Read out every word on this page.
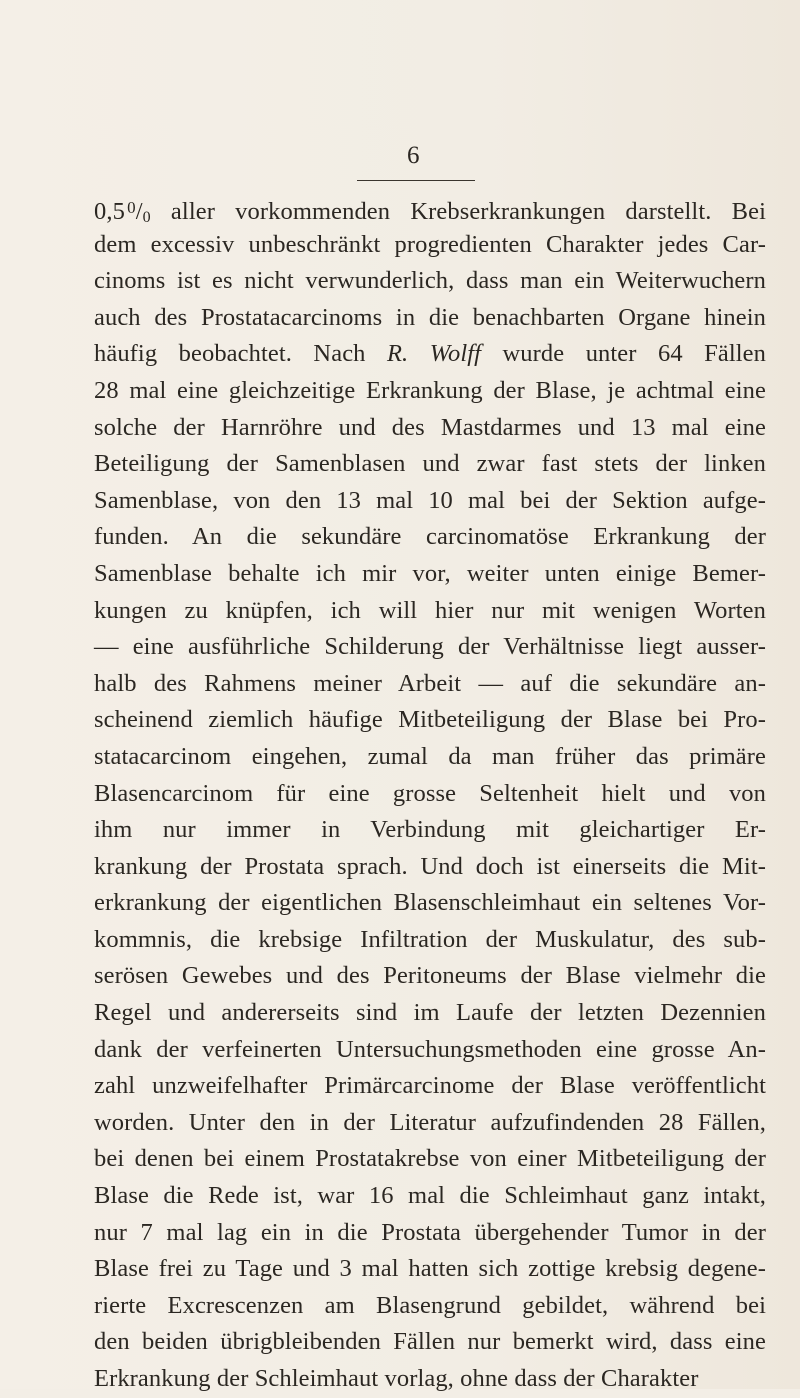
6
0,5  $^0$/0 aller vorkommenden Krebserkrankungen darstellt. Bei
dem excessiv unbeschränkt progredienten Charakter jedes Car-
cinoms ist es nicht verwunderlich, dass man ein Weiterwuchern
auch des Prostatacarcinoms in die benachbarten Organe hinein
häufig beobachtet. Nach R. Wolff wurde unter 64 Fällen
28 mal eine gleichzeitige Erkrankung der Blase, je achtmal eine
solche der Harnröhre und des Mastdarmes und 13 mal eine
Beteiligung der Samenblasen und zwar fast stets der linken
Samenblase, von den 13 mal 10 mal bei der Sektion aufge-
funden. An die sekundäre carcinomatöse Erkrankung der
Samenblase behalte ich mir vor, weiter unten einige Bemer-
kungen zu knüpfen, ich will hier nur mit wenigen Worten
— eine ausführliche Schilderung der Verhältnisse liegt ausser-
halb des Rahmens meiner Arbeit — auf die sekundäre an-
scheinend ziemlich häufige Mitbeteiligung der Blase bei Pro-
statacarcinom eingehen, zumal da man früher das primäre
Blasencarcinom für eine grosse Seltenheit hielt und von
ihm nur immer in Verbindung mit gleichartiger Er-
krankung der Prostata sprach. Und doch ist einerseits die Mit-
erkrankung der eigentlichen Blasenschleimhaut ein seltenes Vor-
kommnis, die krebsige Infiltration der Muskulatur, des sub-
serösen Gewebes und des Peritoneums der Blase vielmehr die
Regel und andererseits sind im Laufe der letzten Dezennien
dank der verfeinerten Untersuchungsmethoden eine grosse An-
zahl unzweifelhafter Primärcarcinome der Blase veröffentlicht
worden. Unter den in der Literatur aufzufindenden 28 Fällen,
bei denen bei einem Prostatakrebse von einer Mitbeteiligung der
Blase die Rede ist, war 16 mal die Schleimhaut ganz intakt,
nur 7 mal lag ein in die Prostata übergehender Tumor in der
Blase frei zu Tage und 3 mal hatten sich zottige krebsig degene-
rierte Excrescenzen am Blasengrund gebildet, während bei
den beiden übrigbleibenden Fällen nur bemerkt wird, dass eine
Erkrankung der Schleimhaut vorlag, ohne dass der Charakter
